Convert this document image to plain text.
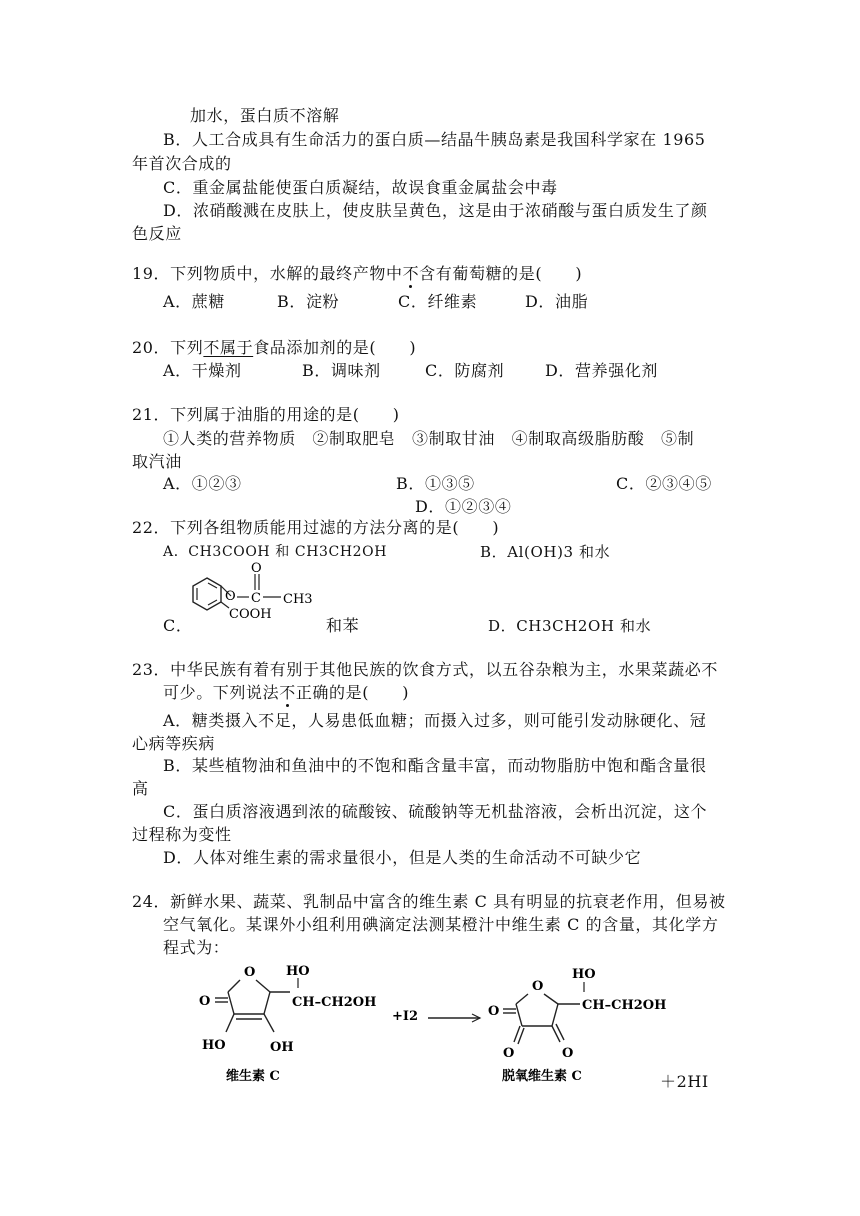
加水，蛋白质不溶解
B．人工合成具有生命活力的蛋白质—结晶牛胰岛素是我国科学家在 1965
年首次合成的
C．重金属盐能使蛋白质凝结，故误食重金属盐会中毒
D．浓硝酸溅在皮肤上，使皮肤呈黄色，这是由于浓硝酸与蛋白质发生了颜
色反应
19．下列物质中，水解的最终产物中不含有葡萄糖的是(　　)
A．蔗糖	B．淀粉	C．纤维素	D．油脂
20．下列不属于食品添加剂的是(　　)
A．干燥剂	B．调味剂	C．防腐剂	D．营养强化剂
21．下列属于油脂的用途的是(　　)
①人类的营养物质　②制取肥皂　③制取甘油　④制取高级脂肪酸　⑤制
取汽油
A．①②③	B．①③⑤	C．②③④⑤
D．①②③④
22．下列各组物质能用过滤的方法分离的是(　　)
A．CH3COOH 和 CH3CH2OH	B．Al(OH)3 和水
C．
O C
O
CH3
COOH
和苯	D．CH3CH2OH 和水
23．中华民族有着有别于其他民族的饮食方式，以五谷杂粮为主，水果菜蔬必不
可少。下列说法不正确的是(　　)
A．糖类摄入不足，人易患低血糖；而摄入过多，则可能引发动脉硬化、冠
心病等疾病
B．某些植物油和鱼油中的不饱和酯含量丰富，而动物脂肪中饱和酯含量很
高
C．蛋白质溶液遇到浓的硫酸铵、硫酸钠等无机盐溶液，会析出沉淀，这个
过程称为变性
D．人体对维生素的需求量很小，但是人类的生命活动不可缺少它
24．新鲜水果、蔬菜、乳制品中富含的维生素 C 具有明显的抗衰老作用，但易被
空气氧化。某课外小组利用碘滴定法测某橙汁中维生素 C 的含量，其化学方
程式为：
O
O
HO	OH
HO
CH–CH2OH
维生素 C
+I2
O
O
O	O
HO
CH–CH2OH
脱氧维生素 C	＋2HI
